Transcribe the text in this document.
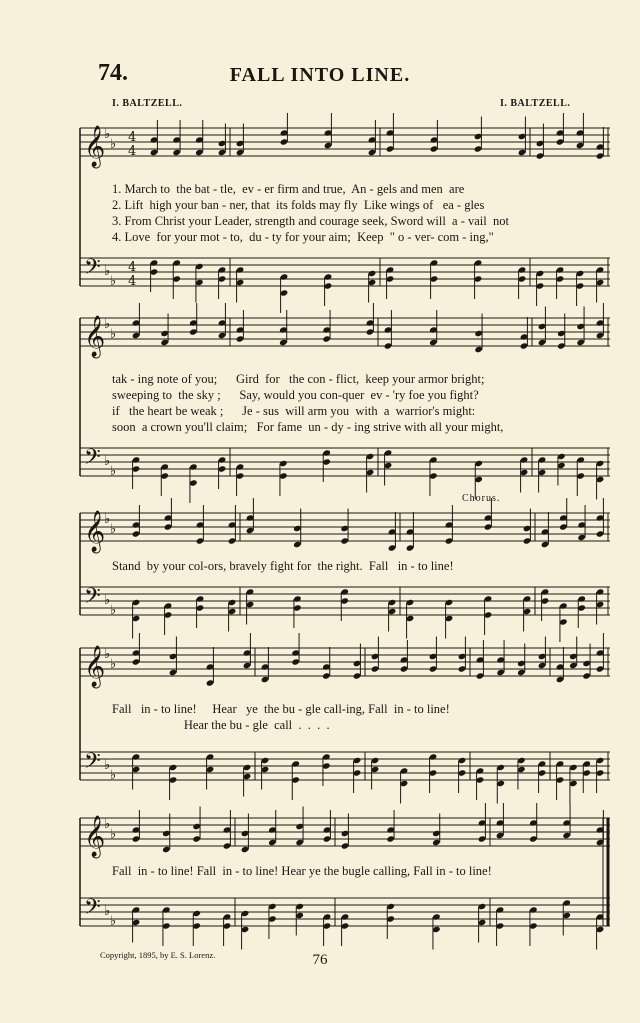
74.	FALL INTO LINE.
I. BALTZELL.	I. BALTZELL.
𝄞
𝄢
♭
♭
♭
♭
4
4
4
4
1. March to  the bat - tle,  ev - er firm and true,  An - gels and men  are
2. Lift  high your ban - ner, that  its folds may fly  Like wings of   ea - gles
3. From Christ your Leader, strength and courage seek, Sword will  a - vail  not
4. Love  for your mot - to,  du - ty for your aim;  Keep  " o - ver- com - ing,"
𝄞
𝄢
♭
♭
♭
♭
tak - ing note of you;      Gird  for   the con - flict,  keep your armor bright;
sweeping to  the sky ;      Say, would you con-quer  ev - 'ry foe you fight?
if   the heart be weak ;      Je - sus  will arm you  with  a  warrior's might:
soon  a crown you'll claim;   For fame  un - dy - ing strive with all your might,
Chorus.
𝄞
𝄢
♭
♭
♭
♭
Stand  by your col-ors, bravely fight for  the right.  Fall   in - to line!
𝄞
𝄢
♭
♭
♭
♭
Fall   in - to line!     Hear   ye  the bu - gle call-ing, Fall  in - to line!
Hear the bu - gle  call  .  .  .  .
𝄞
𝄢
♭
♭
♭
♭
Fall  in - to line! Fall  in - to line! Hear ye the bugle calling, Fall in - to line!
Copyright, 1895, by E. S. Lorenz.	76
